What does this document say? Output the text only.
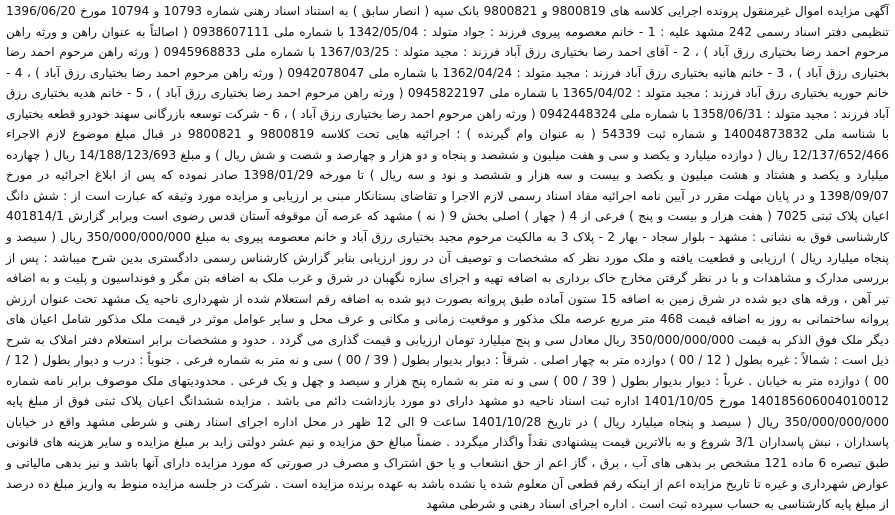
آگهی مزایده اموال غیرمنقول پرونده اجرایی کلاسه های 9800819 و 9800821 بانک سپه ( انصار سابق ) به استناد اسناد رهنی شماره 10793 و 10794 مورخ 1396/06/20 تنظیمی دفتر اسناد رسمی 242 مشهد علیه : 1 - خانم معصومه پیروی فرزند : جواد متولد : 1342/05/04 با شماره ملی 0938607111 ( اصالتاً به عنوان راهن و ورثه راهن مرحوم احمد رضا بختیاری رزق آباد ) ، 2 - آقای احمد رضا بختیاری رزق آباد فرزند : مجید متولد : 1367/03/25 با شماره ملی 0945968833 ( ورثه راهن مرحوم احمد رضا بختیاری رزق آباد ) ، 3 - خانم هانیه بختیاری رزق آباد فرزند : مجید متولد : 1362/04/24 با شماره ملی 0942078047 ( ورثه راهن مرحوم احمد رضا بختیاری رزق آباد ) ، 4 - خانم حوریه بختیاری رزق آباد فرزند : مجید متولد : 1365/04/02 با شماره ملی 0945822197 ( ورثه راهن مرحوم احمد رضا بختیاری رزق آباد ) ، 5 - خانم هدیه بختیاری رزق آباد فرزند : مجید متولد : 1358/06/31 با شماره ملی 0942448324 ( ورثه راهن مرحوم احمد رضا بختیاری رزق آباد ) ، 6 - شرکت توسعه بازرگانی سهند خودرو قطعه بختیاری با شناسه ملی 14004873832 و شماره ثبت 54339 ( به عنوان وام گیرنده ) ؛ اجرائیه هایی تحت کلاسه 9800819 و 9800821 در قبال مبلغ موضوع لازم الاجراء 12/137/652/466 ریال ( دوازده میلیارد و یکصد و سی و هفت میلیون و ششصد و پنجاه و دو هزار و چهارصد و شصت و شش ریال ) و مبلغ 14/188/123/693 ریال ( چهارده میلیارد و یکصد و هشتاد و هشت میلیون و یکصد و بیست و سه هزار و ششصد و نود و سه ریال ) تا مورخه 1398/01/29 صادر نموده که پس از ابلاغ اجرائیه در مورخ 1398/09/07 و در پایان مهلت مقرر در آیین نامه اجرائیه مفاد اسناد رسمی لازم الاجرا و تقاضای بستانکار مبنی بر ارزیابی و مزایده مورد وثیقه که عبارت است از : شش دانگ اعیان پلاک ثبتی 7025 ( هفت هزار و بیست و پنج ) فرعی از 4 ( چهار ) اصلی بخش 9 ( نه ) مشهد که عرصه آن موقوفه آستان قدس رضوی است وبرابر گزارش 401814/1 کارشناسی فوق به نشانی : مشهد - بلوار سجاد - بهار 2 - پلاک 3 به مالکیت مرحوم مجید بختیاری رزق آباد و خانم معصومه پیروی به مبلغ 350/000/000/000 ریال ( سیصد و پنجاه میلیارد ریال ) ارزیابی و قطعیت یافته و ملک مورد نظر که مشخصات و توصیف آن در روز ارزیابی بنابر گزارش کارشناس رسمی دادگستری بدین شرح میباشد : پس از بررسی مدارک و مشاهدات و با در نظر گرفتن مخارج خاک برداری به اضافه تهیه و اجرای سازه نگهبان در شرق و غرب ملک به اضافه بتن مگر و فونداسیون و پلیت و به اضافه تیر آهن ، ورقه های دیو شده در شرق زمین به اضافه 15 ستون آماده طبق پروانه بصورت دپو شده به اضافه رقم استعلام شده از شهرداری ناحیه یک مشهد تحت عنوان ارزش پروانه ساختمانی به روز به اضافه قیمت 468 متر مربع عرصه ملک مذکور و موقعیت زمانی و مکانی و عرف محل و سایر عوامل موثر در قیمت ملک مذکور شامل اعیان های دیگر ملک فوق الذکر به قیمت 350/000/000/000 ریال معادل سی و پنج میلیارد تومان ارزیابی و قیمت گذاری می گردد . حدود و مشخصات برابر استعلام دفتر املاک به شرح ذیل است : شمالاً : غیره بطول ( 12 / 00 ) دوازده متر به چهار اصلی . شرقاً : دیوار بدیوار بطول ( 39 / 00 ) سی و نه متر به شماره فرعی . جنوباً : درب و دیوار بطول ( 12 / 00 ) دوازده متر به خیابان . غرباً : دیوار بدیوار بطول ( 39 / 00 ) سی و نه متر به شماره پنج هزار و سیصد و چهل و یک فرعی . محدودیتهای ملک موصوف برابر نامه شماره 140185606004010012 مورخ 1401/10/05 اداره ثبت اسناد ناحیه دو مشهد دارای دو مورد بازداشت دائم می باشد . مزایده ششدانگ اعیان پلاک ثبتی فوق از مبلغ پایه 350/000/000/000 ریال ( سیصد و پنجاه میلیارد ریال ) در تاریخ 1401/10/28 ساعت 9 الی 12 ظهر در محل اداره اجرای اسناد رهنی و شرطی مشهد واقع در خیابان پاسداران ، نبش پاسداران 3/1 شروع و به بالاترین قیمت پیشنهادی نقداً واگذار میگردد . ضمناً مبالغ حق مزایده و نیم عشر دولتی زاید بر مبلغ مزایده و سایر هزینه های قانونی طبق تبصره 6 ماده 121 مشخص بر بدهی های آب ، برق ، گاز اعم از حق انشعاب و یا حق اشتراک و مصرف در صورتی که مورد مزایده دارای آنها باشد و نیز بدهی مالیاتی و عوارض شهرداری و غیره تا تاریخ مزایده اعم از اینکه رقم قطعی آن معلوم شده یا نشده باشد به عهده برنده مزایده است . شرکت در جلسه مزایده منوط به واریز مبلغ ده درصد از مبلغ پایه کارشناسی به حساب سپرده ثبت است . اداره اجرای اسناد رهنی و شرطی مشهد
